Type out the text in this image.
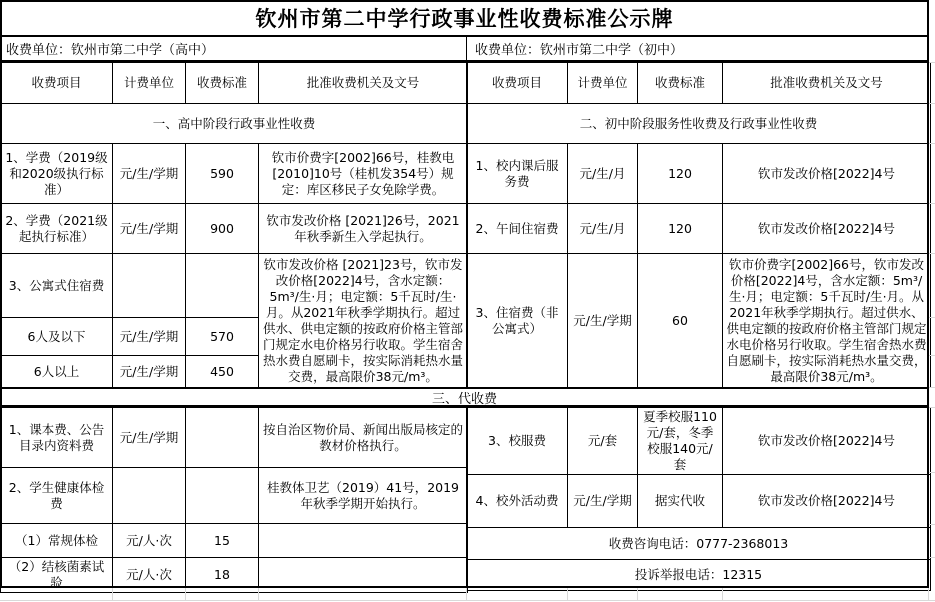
钦州市第二中学行政事业性收费标准公示牌
收费单位：钦州市第二中学（高中）	收费单位：钦州市第二中学（初中）
收费项目	计费单位	收费标准	批准收费机关及文号
一、高中阶段行政事业性收费			
1、学费（2019级和2020级执行标准）	元/生/学期	590	钦市价费字[2002]66号，桂教电[2010]10号（桂机发354号）规定：库区移民子女免除学费。
2、学费（2021级起执行标准）	元/生/学期	900	钦市发改价格 [2021]26号，2021年秋季新生入学起执行。
3、公寓式住宿费			钦市发改价格 [2021]23号，钦市发改价格[2022]4号，含水定额：5m³/生·月；电定额：5千瓦时/生·月。从2021年秋季学期执行。超过供水、供电定额的按政府价格主管部门规定水电价格另行收取。学生宿舍热水费自愿刷卡，按实际消耗热水量交费，最高限价38元/m³。
6人及以下	元/生/学期	570	
6人以上	元/生/学期	450	
收费项目	计费单位	收费标准	批准收费机关及文号
二、初中阶段服务性收费及行政事业性收费			
1、校内课后服务费	元/生/月	120	钦市发改价格[2022]4号
2、午间住宿费	元/生/月	120	钦市发改价格[2022]4号
3、住宿费（非公寓式）	元/生/学期	60	钦市价费字[2002]66号，钦市发改价格[2022]4号，含水定额：5m³/生·月；电定额：5千瓦时/生·月。从2021年秋季学期执行。超过供水、供电定额的按政府价格主管部门规定水电价格另行收取。学生宿舍热水费自愿刷卡，按实际消耗热水量交费，最高限价38元/m³。
三、代收费
1、课本费、公告目录内资料费	元/生/学期		按自治区物价局、新闻出版局核定的教材价格执行。
2、学生健康体检费			桂教体卫艺（2019）41号，2019年秋季学期开始执行。
（1）常规体检	元/人·次	15	
（2）结核菌素试验	元/人·次	18	
3、校服费	元/套	夏季校服110元/套，冬季校服140元/套	钦市发改价格[2022]4号
4、校外活动费	元/生/学期	据实代收	钦市发改价格[2022]4号
收费咨询电话：0777-2368013			
投诉举报电话：12315			
